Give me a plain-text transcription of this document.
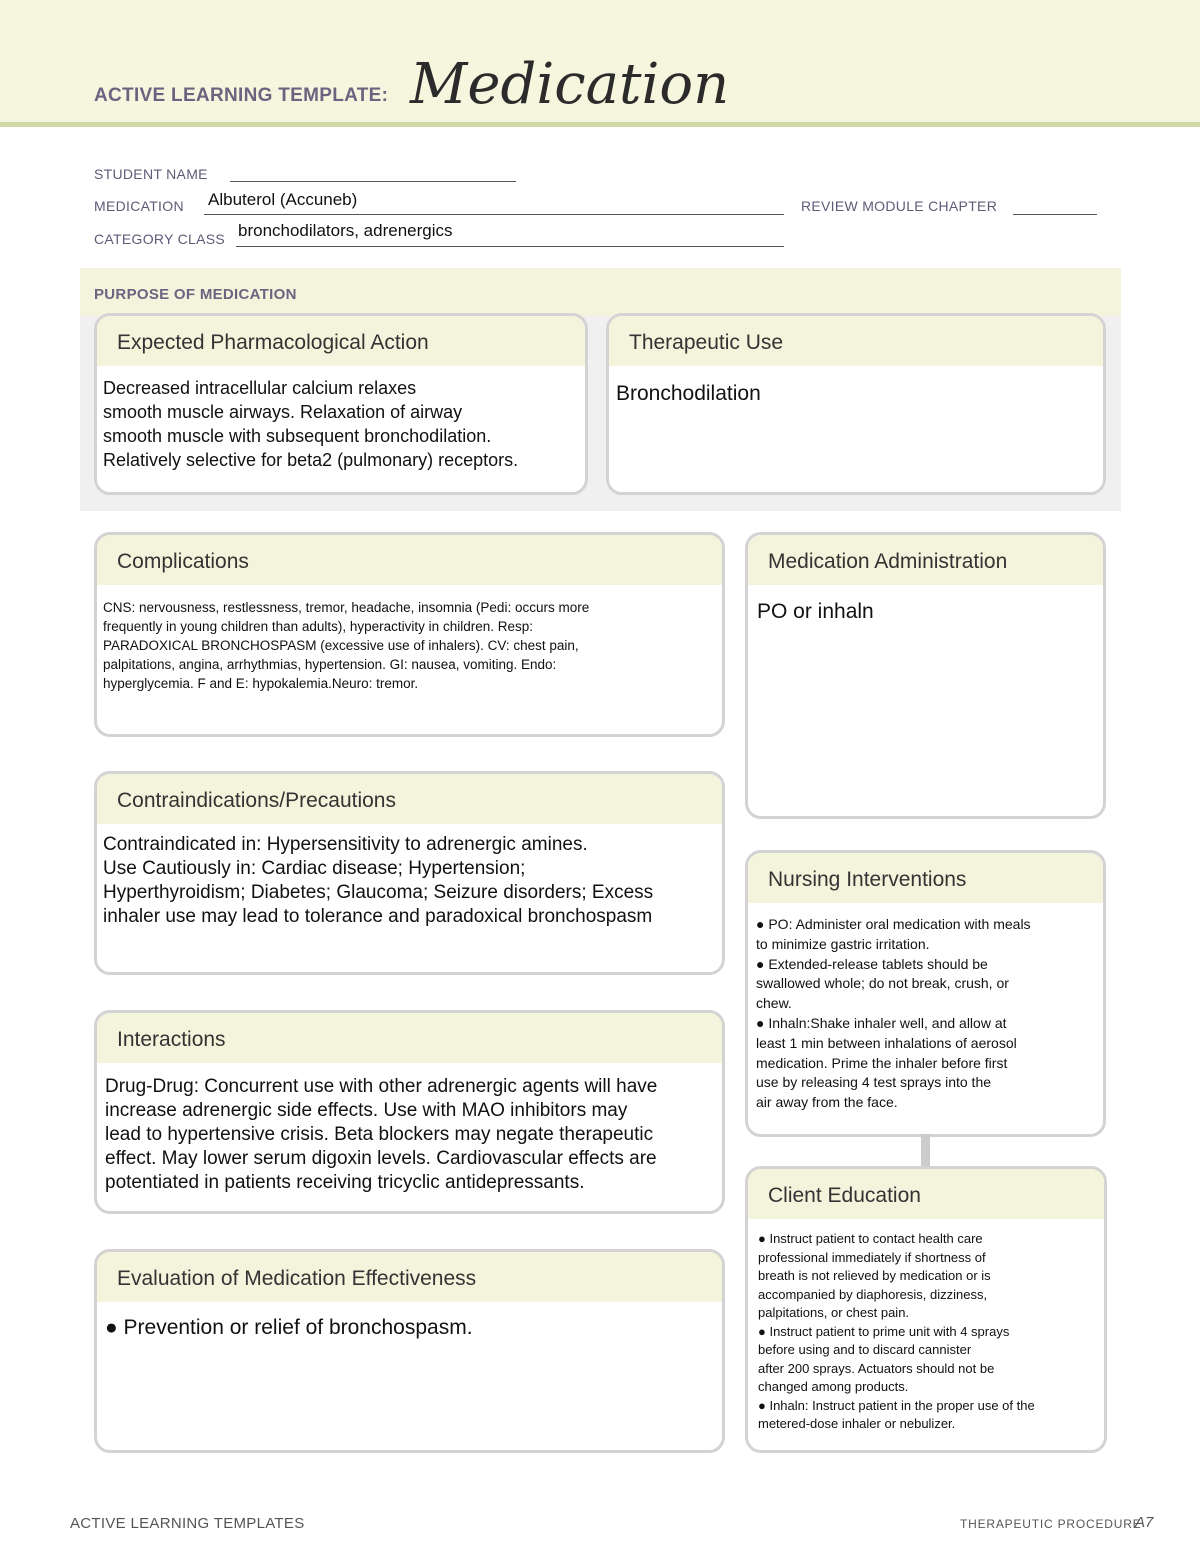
ACTIVE LEARNING TEMPLATE: Medication
STUDENT NAME
MEDICATION Albuterol (Accuneb)	REVIEW MODULE CHAPTER
CATEGORY CLASS bronchodilators, adrenergics
PURPOSE OF MEDICATION
Expected Pharmacological Action
Decreased intracellular calcium relaxes
smooth muscle airways. Relaxation of airway
smooth muscle with subsequent bronchodilation.
Relatively selective for beta2 (pulmonary) receptors.
Therapeutic Use
Bronchodilation
Complications
CNS: nervousness, restlessness, tremor, headache, insomnia (Pedi: occurs more
frequently in young children than adults), hyperactivity in children. Resp:
PARADOXICAL BRONCHOSPASM (excessive use of inhalers). CV: chest pain,
palpitations, angina, arrhythmias, hypertension. GI: nausea, vomiting. Endo:
hyperglycemia. F and E: hypokalemia.Neuro: tremor.
Medication Administration
PO or inhaln
Contraindications/Precautions
Contraindicated in: Hypersensitivity to adrenergic amines.
Use Cautiously in: Cardiac disease; Hypertension;
Hyperthyroidism; Diabetes; Glaucoma; Seizure disorders; Excess
inhaler use may lead to tolerance and paradoxical bronchospasm
Nursing Interventions
● PO: Administer oral medication with meals
to minimize gastric irritation.
● Extended-release tablets should be
swallowed whole; do not break, crush, or
chew.
● Inhaln:Shake inhaler well, and allow at
least 1 min between inhalations of aerosol
medication. Prime the inhaler before first
use by releasing 4 test sprays into the
air away from the face.
Interactions
Drug-Drug: Concurrent use with other adrenergic agents will have
increase adrenergic side effects. Use with MAO inhibitors may
lead to hypertensive crisis. Beta blockers may negate therapeutic
effect. May lower serum digoxin levels. Cardiovascular effects are
potentiated in patients receiving tricyclic antidepressants.
Client Education
● Instruct patient to contact health care
professional immediately if shortness of
breath is not relieved by medication or is
accompanied by diaphoresis, dizziness,
palpitations, or chest pain.
● Instruct patient to prime unit with 4 sprays
before using and to discard cannister
after 200 sprays. Actuators should not be
changed among products.
● Inhaln: Instruct patient in the proper use of the
metered-dose inhaler or nebulizer.
Evaluation of Medication Effectiveness
● Prevention or relief of bronchospasm.
ACTIVE LEARNING TEMPLATES	THERAPEUTIC PROCEDURE
A7
